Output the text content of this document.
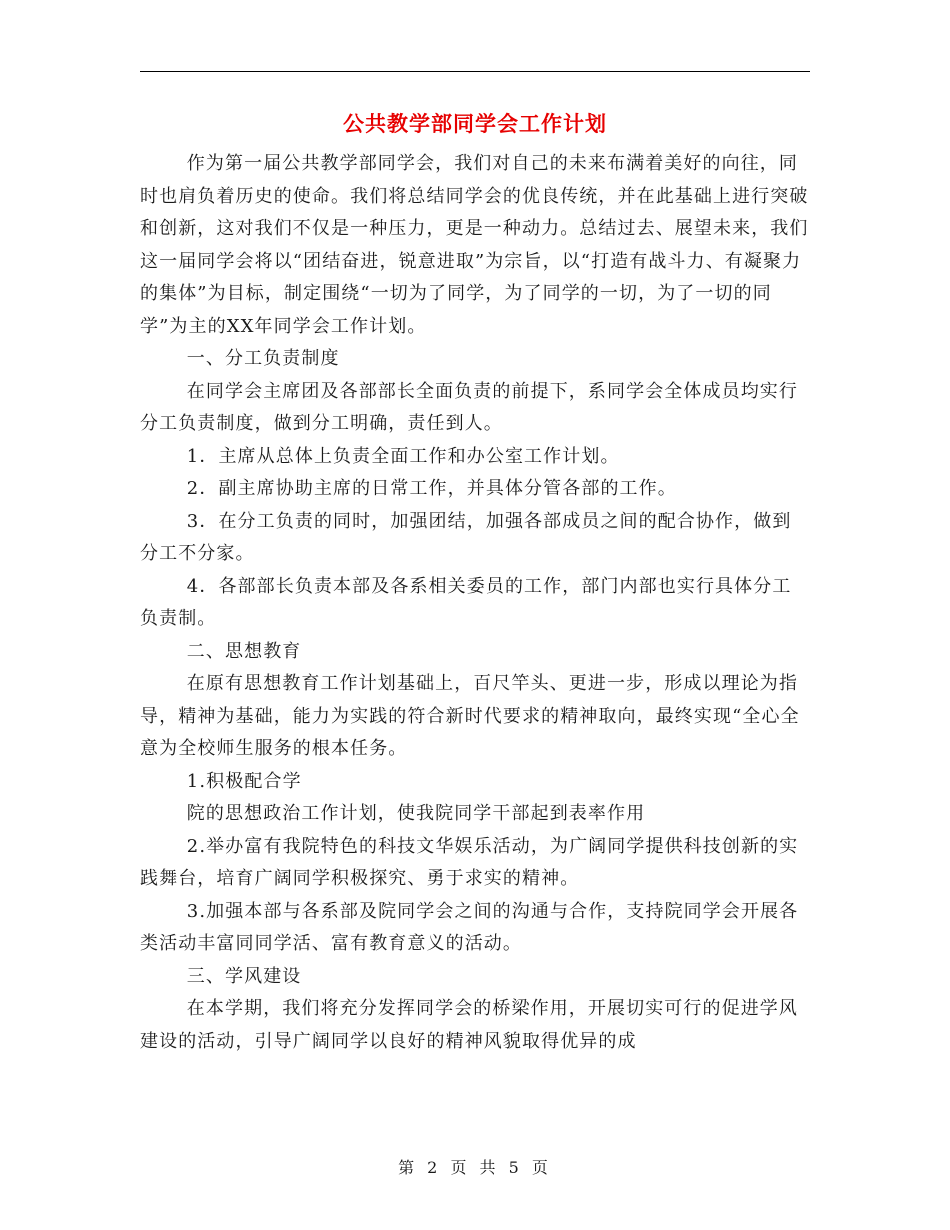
公共教学部同学会工作计划

作为第一届公共教学部同学会，我们对自己的未来布满着美好的向往，同时也肩负着历史的使命。我们将总结同学会的优良传统，并在此基础上进行突破和创新，这对我们不仅是一种压力，更是一种动力。总结过去、展望未来，我们这一届同学会将以“团结奋进，锐意进取”为宗旨，以“打造有战斗力、有凝聚力的集体”为目标，制定围绕“一切为了同学，为了同学的一切，为了一切的同学”为主的XX年同学会工作计划。

一、分工负责制度

在同学会主席团及各部部长全面负责的前提下，系同学会全体成员均实行分工负责制度，做到分工明确，责任到人。

1．主席从总体上负责全面工作和办公室工作计划。

2．副主席协助主席的日常工作，并具体分管各部的工作。

3．在分工负责的同时，加强团结，加强各部成员之间的配合协作，做到分工不分家。

4．各部部长负责本部及各系相关委员的工作，部门内部也实行具体分工负责制。

二、思想教育

在原有思想教育工作计划基础上，百尺竿头、更进一步，形成以理论为指导，精神为基础，能力为实践的符合新时代要求的精神取向，最终实现“全心全意为全校师生服务的根本任务。

1.积极配合学

院的思想政治工作计划，使我院同学干部起到表率作用

2.举办富有我院特色的科技文华娱乐活动，为广阔同学提供科技创新的实践舞台，培育广阔同学积极探究、勇于求实的精神。

3.加强本部与各系部及院同学会之间的沟通与合作，支持院同学会开展各类活动丰富同同学活、富有教育意义的活动。

三、学风建设

在本学期，我们将充分发挥同学会的桥梁作用，开展切实可行的促进学风建设的活动，引导广阔同学以良好的精神风貌取得优异的成

第 2 页 共 5 页
